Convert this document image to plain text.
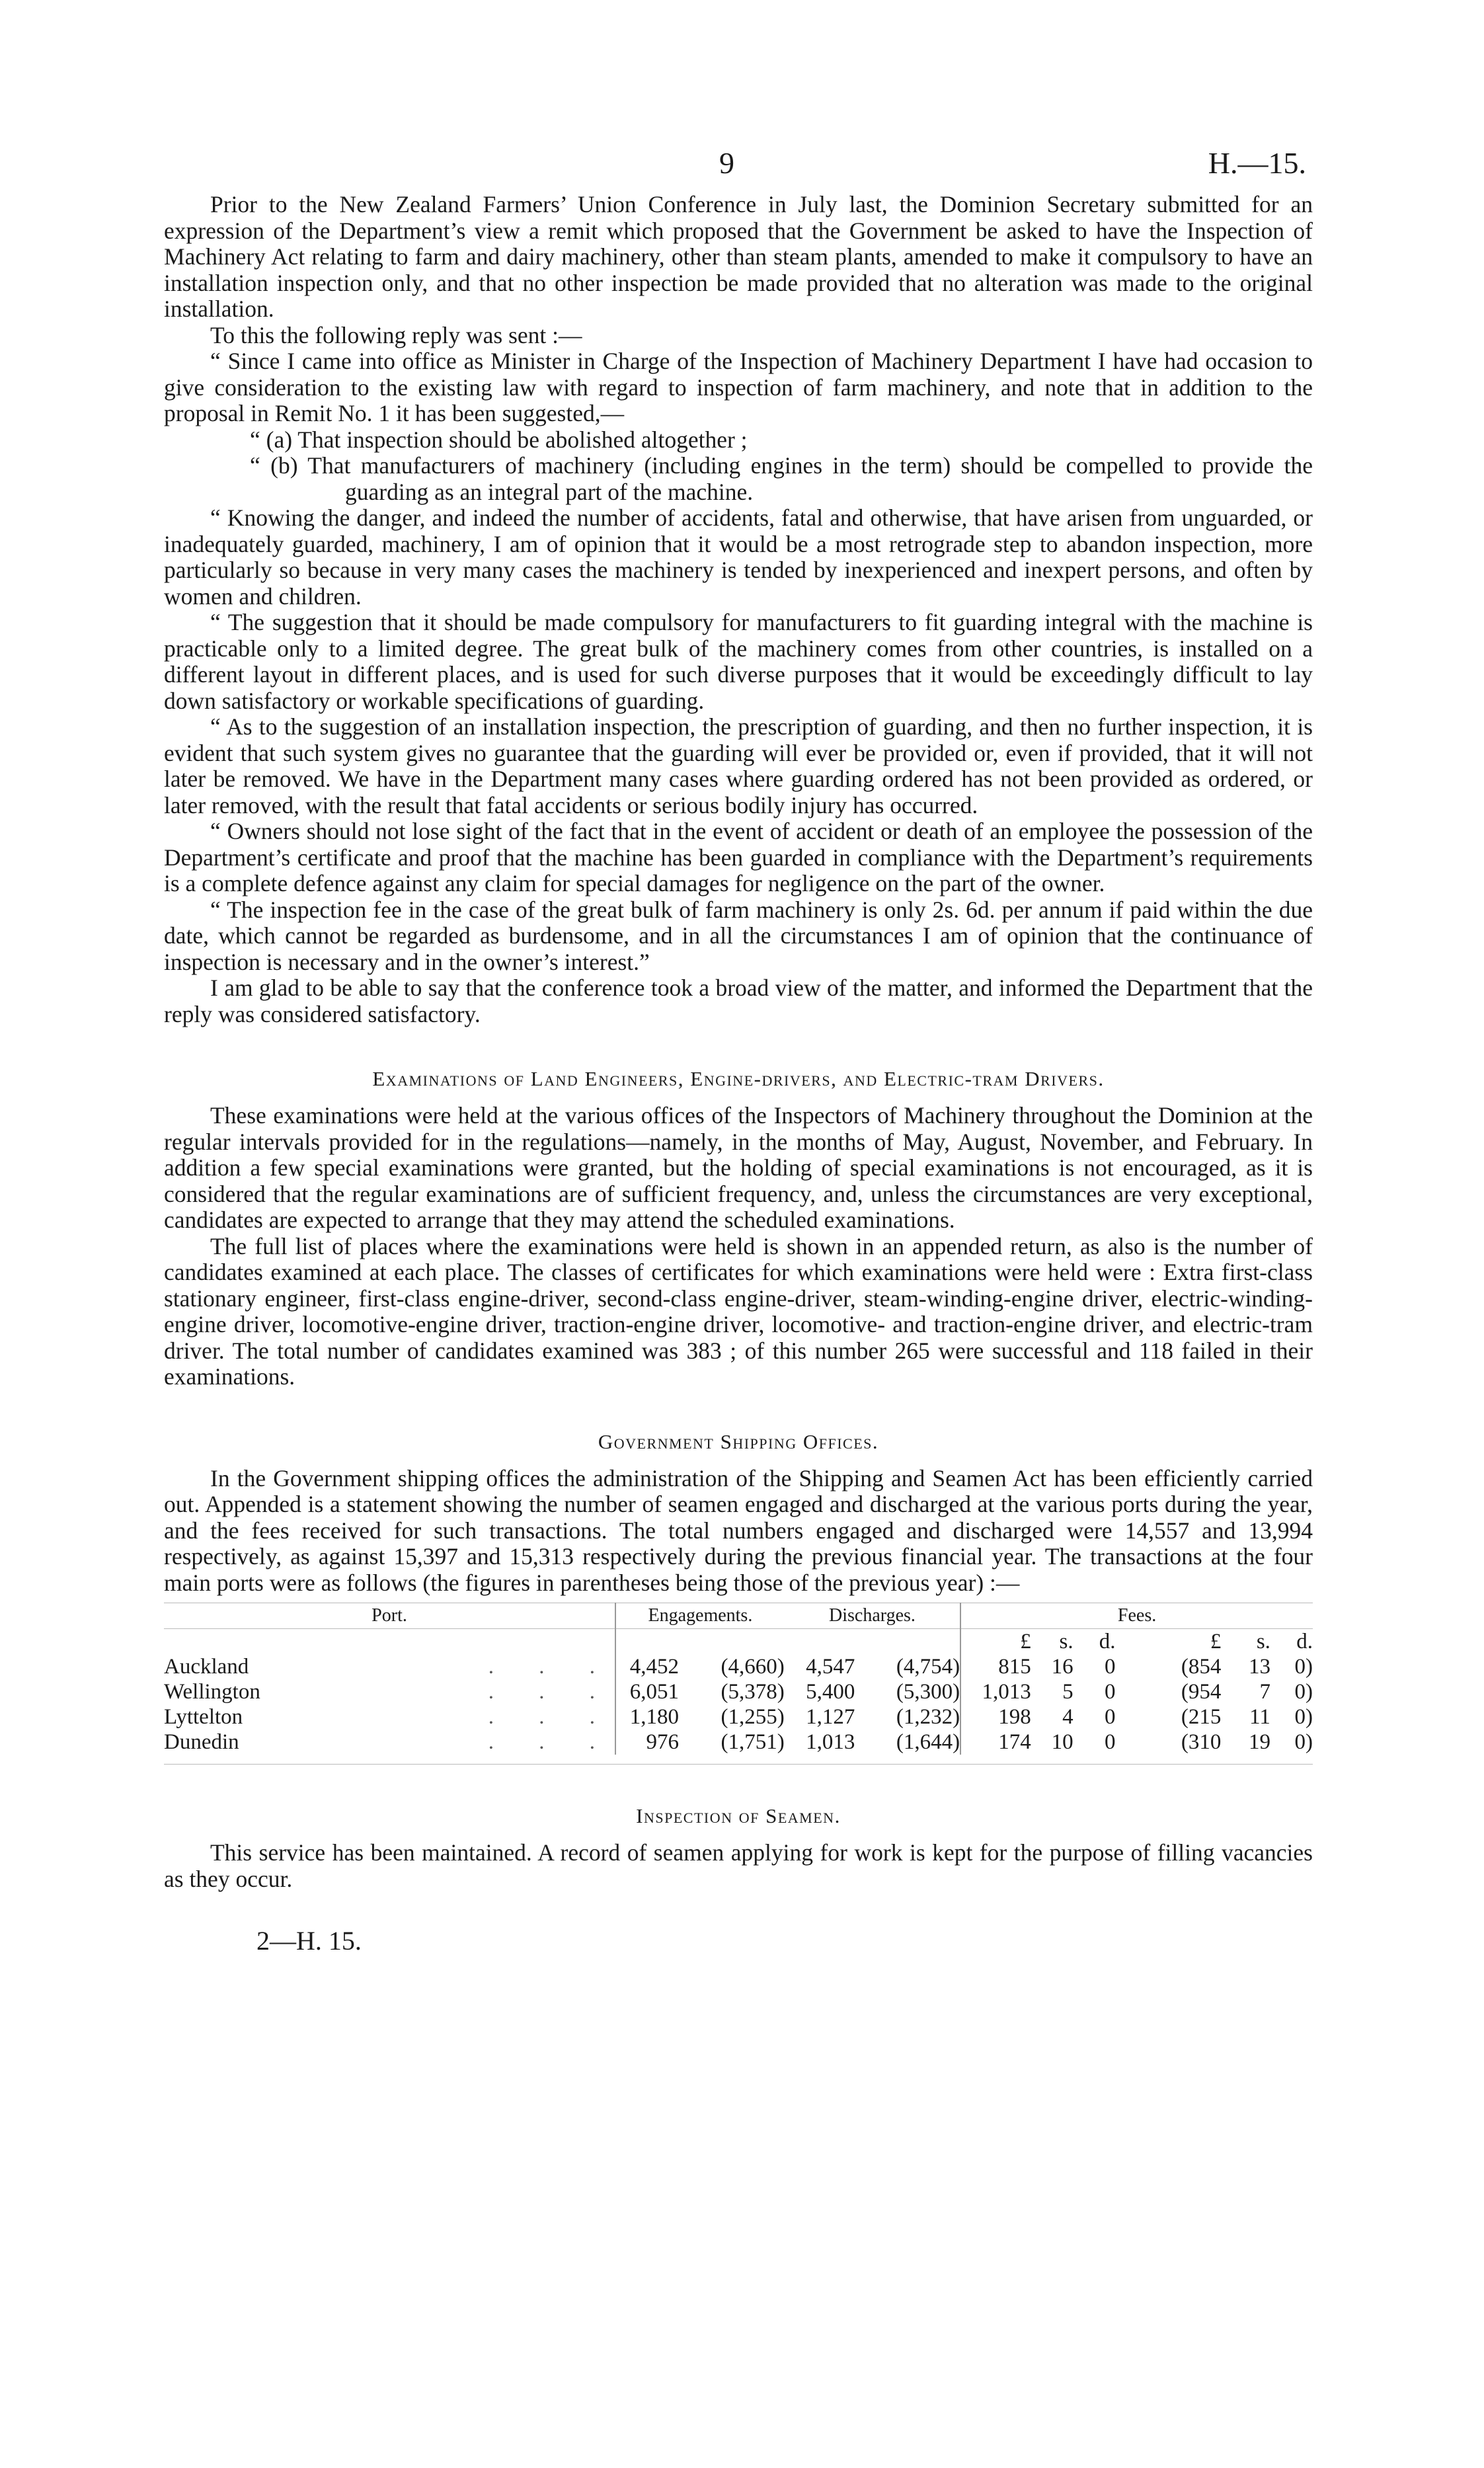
9	H.—15.

Prior to the New Zealand Farmers’ Union Conference in July last, the Dominion Secretary submitted for an expression of the Department’s view a remit which proposed that the Government be asked to have the Inspection of Machinery Act relating to farm and dairy machinery, other than steam plants, amended to make it compulsory to have an installation inspection only, and that no other inspection be made provided that no alteration was made to the original installation.

To this the following reply was sent :—

“ Since I came into office as Minister in Charge of the Inspection of Machinery Department I have had occasion to give consideration to the existing law with regard to inspection of farm machinery, and note that in addition to the proposal in Remit No. 1 it has been suggested,—

“ (a) That inspection should be abolished altogether ;

“ (b) That manufacturers of machinery (including engines in the term) should be compelled to provide the guarding as an integral part of the machine.

“ Knowing the danger, and indeed the number of accidents, fatal and otherwise, that have arisen from unguarded, or inadequately guarded, machinery, I am of opinion that it would be a most retrograde step to abandon inspection, more particularly so because in very many cases the machinery is tended by inexperienced and inexpert persons, and often by women and children.

“ The suggestion that it should be made compulsory for manufacturers to fit guarding integral with the machine is practicable only to a limited degree. The great bulk of the machinery comes from other countries, is installed on a different layout in different places, and is used for such diverse purposes that it would be exceedingly difficult to lay down satisfactory or workable specifications of guarding.

“ As to the suggestion of an installation inspection, the prescription of guarding, and then no further inspection, it is evident that such system gives no guarantee that the guarding will ever be provided or, even if provided, that it will not later be removed. We have in the Department many cases where guarding ordered has not been provided as ordered, or later removed, with the result that fatal accidents or serious bodily injury has occurred.

“ Owners should not lose sight of the fact that in the event of accident or death of an employee the possession of the Department’s certificate and proof that the machine has been guarded in compliance with the Department’s requirements is a complete defence against any claim for special damages for negligence on the part of the owner.

“ The inspection fee in the case of the great bulk of farm machinery is only 2s. 6d. per annum if paid within the due date, which cannot be regarded as burdensome, and in all the circumstances I am of opinion that the continuance of inspection is necessary and in the owner’s interest.”

I am glad to be able to say that the conference took a broad view of the matter, and informed the Department that the reply was considered satisfactory.

Examinations of Land Engineers, Engine-drivers, and Electric-tram Drivers.

These examinations were held at the various offices of the Inspectors of Machinery throughout the Dominion at the regular intervals provided for in the regulations—namely, in the months of May, August, November, and February. In addition a few special examinations were granted, but the holding of special examinations is not encouraged, as it is considered that the regular examinations are of sufficient frequency, and, unless the circumstances are very exceptional, candidates are expected to arrange that they may attend the scheduled examinations.

The full list of places where the examinations were held is shown in an appended return, as also is the number of candidates examined at each place. The classes of certificates for which examinations were held were : Extra first-class stationary engineer, first-class engine-driver, second-class engine-driver, steam-winding-engine driver, electric-winding-engine driver, locomotive-engine driver, traction-engine driver, locomotive- and traction-engine driver, and electric-tram driver. The total number of candidates examined was 383 ; of this number 265 were successful and 118 failed in their examinations.

Government Shipping Offices.

In the Government shipping offices the administration of the Shipping and Seamen Act has been efficiently carried out. Appended is a statement showing the number of seamen engaged and discharged at the various ports during the year, and the fees received for such transactions. The total numbers engaged and discharged were 14,557 and 13,994 respectively, as against 15,397 and 15,313 respectively during the previous financial year. The transactions at the four main ports were as follows (the figures in parentheses being those of the previous year) :—

Port.	Engagements.		Discharges.		Fees.					
					£	s.	d.	£	s.	d.
Auckland . . .	4,452	(4,660)	4,547	(4,754)	815	16	0	(854	13	0)
Wellington . . .	6,051	(5,378)	5,400	(5,300)	1,013	5	0	(954	7	0)
Lyttelton . . .	1,180	(1,255)	1,127	(1,232)	198	4	0	(215	11	0)
Dunedin . . .	976	(1,751)	1,013	(1,644)	174	10	0	(310	19	0)

Inspection of Seamen.

This service has been maintained. A record of seamen applying for work is kept for the purpose of filling vacancies as they occur.

2—H. 15.
